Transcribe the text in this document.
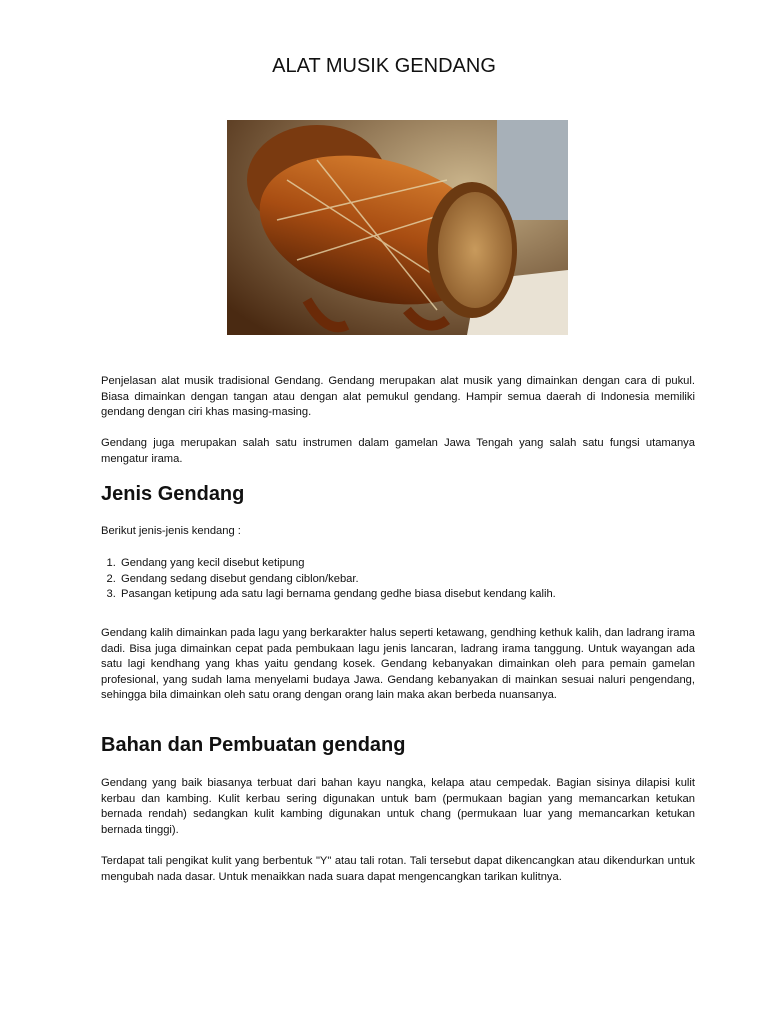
ALAT MUSIK GENDANG

Penjelasan alat musik tradisional Gendang. Gendang merupakan alat musik yang dimainkan dengan cara di pukul. Biasa dimainkan dengan tangan atau dengan alat pemukul gendang. Hampir semua daerah di Indonesia memiliki gendang dengan ciri khas masing-masing.

Gendang juga merupakan salah satu instrumen dalam gamelan Jawa Tengah yang salah satu fungsi utamanya mengatur irama.

Jenis Gendang

Berikut jenis-jenis kendang :

1. Gendang yang kecil disebut ketipung
2. Gendang sedang disebut gendang ciblon/kebar.
3. Pasangan ketipung ada satu lagi bernama gendang gedhe biasa disebut kendang kalih.

Gendang kalih dimainkan pada lagu yang berkarakter halus seperti ketawang, gendhing kethuk kalih, dan ladrang irama dadi. Bisa juga dimainkan cepat pada pembukaan lagu jenis lancaran, ladrang irama tanggung. Untuk wayangan ada satu lagi kendhang yang khas yaitu gendang kosek. Gendang kebanyakan dimainkan oleh para pemain gamelan profesional, yang sudah lama menyelami budaya Jawa. Gendang kebanyakan di mainkan sesuai naluri pengendang, sehingga bila dimainkan oleh satu orang dengan orang lain maka akan berbeda nuansanya.

Bahan dan Pembuatan gendang

Gendang yang baik biasanya terbuat dari bahan kayu nangka, kelapa atau cempedak. Bagian sisinya dilapisi kulit kerbau dan kambing. Kulit kerbau sering digunakan untuk bam (permukaan bagian yang memancarkan ketukan bernada rendah) sedangkan kulit kambing digunakan untuk chang (permukaan luar yang memancarkan ketukan bernada tinggi).

Terdapat tali pengikat kulit yang berbentuk "Y" atau tali rotan. Tali tersebut dapat dikencangkan atau dikendurkan untuk mengubah nada dasar. Untuk menaikkan nada suara dapat mengencangkan tarikan kulitnya.
